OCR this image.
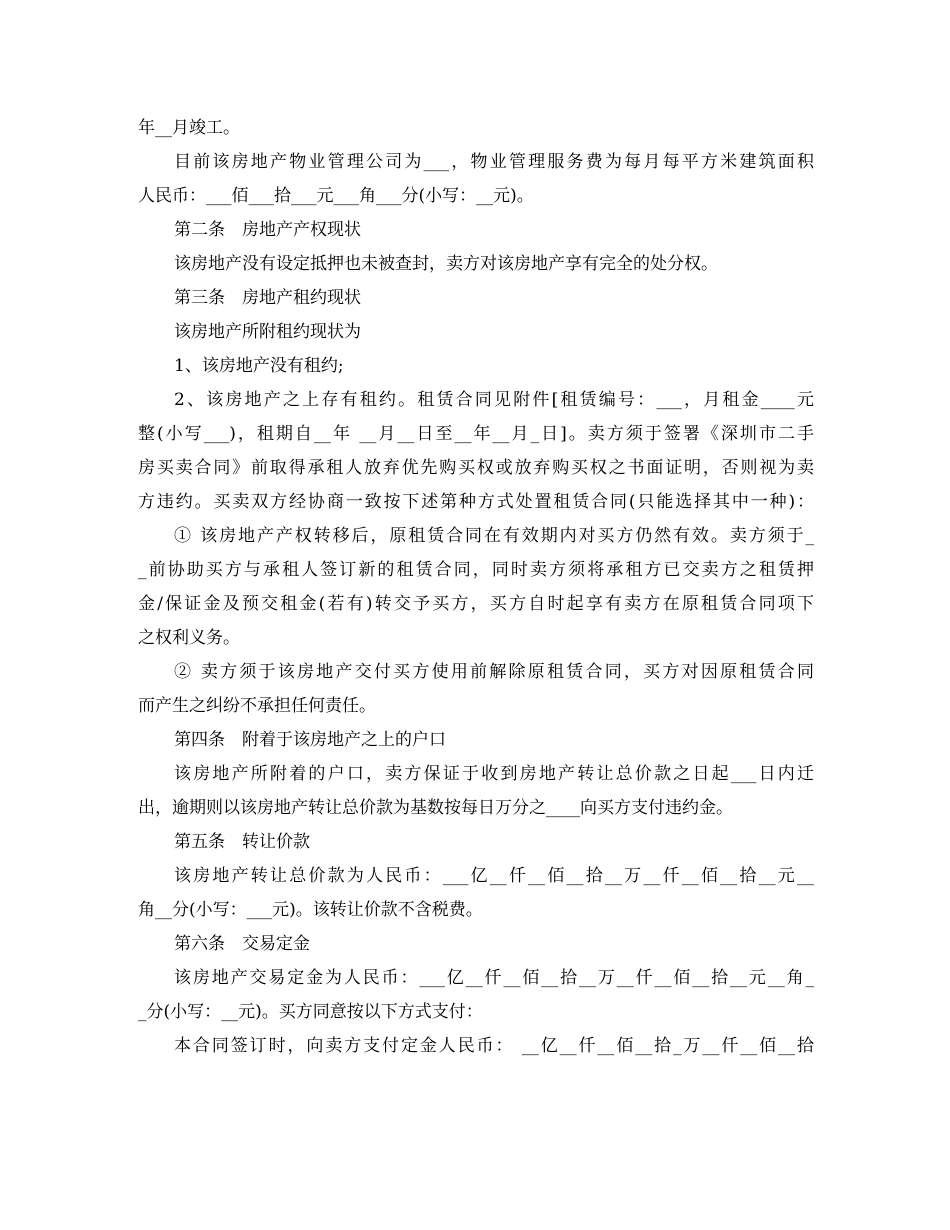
年__月竣工。
目前该房地产物业管理公司为___，物业管理服务费为每月每平方米建筑面积
人民币：___佰___拾___元___角___分(小写：__元)。
第二条　房地产产权现状
该房地产没有设定抵押也未被查封，卖方对该房地产享有完全的处分权。
第三条　房地产租约现状
该房地产所附租约现状为
1、该房地产没有租约;
2、该房地产之上存有租约。租赁合同见附件[租赁编号：___，月租金____元
整(小写___)，租期自__年 __月__日至__年__月_日]。卖方须于签署《深圳市二手
房买卖合同》前取得承租人放弃优先购买权或放弃购买权之书面证明，否则视为卖
方违约。买卖双方经协商一致按下述第种方式处置租赁合同(只能选择其中一种)：
① 该房地产产权转移后，原租赁合同在有效期内对买方仍然有效。卖方须于_
_前协助买方与承租人签订新的租赁合同，同时卖方须将承租方已交卖方之租赁押
金/保证金及预交租金(若有)转交予买方，买方自时起享有卖方在原租赁合同项下
之权利义务。
② 卖方须于该房地产交付买方使用前解除原租赁合同，买方对因原租赁合同
而产生之纠纷不承担任何责任。
第四条　附着于该房地产之上的户口
该房地产所附着的户口，卖方保证于收到房地产转让总价款之日起___日内迁
出，逾期则以该房地产转让总价款为基数按每日万分之____向买方支付违约金。
第五条　转让价款
该房地产转让总价款为人民币：___亿__仟__佰__拾__万__仟__佰__拾__元__
角__分(小写：___元)。该转让价款不含税费。
第六条　交易定金
该房地产交易定金为人民币：___亿__仟__佰__拾__万__仟__佰__拾__元__角_
_分(小写：__元)。买方同意按以下方式支付：
本合同签订时，向卖方支付定金人民币： __亿__仟__佰__拾_万__仟__佰__拾
